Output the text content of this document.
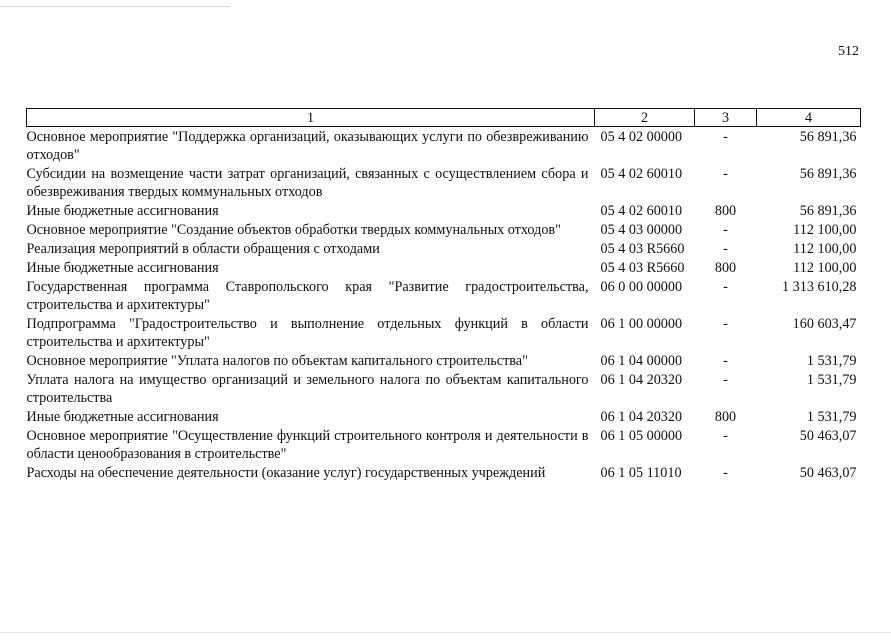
512
1	2	3	4
Основное мероприятие "Поддержка организаций, оказывающих услуги по обезвреживанию отходов"	05 4 02 00000	-	56 891,36
Субсидии на возмещение части затрат организаций, связанных с осуществлением сбора и обезвреживания твердых коммунальных отходов	05 4 02 60010	-	56 891,36
Иные бюджетные ассигнования	05 4 02 60010	800	56 891,36
Основное мероприятие "Создание объектов обработки твердых коммунальных отходов"	05 4 03 00000	-	112 100,00
Реализация мероприятий в области обращения с отходами	05 4 03 R5660	-	112 100,00
Иные бюджетные ассигнования	05 4 03 R5660	800	112 100,00
Государственная программа Ставропольского края "Развитие градостроительства, строительства и архитектуры"	06 0 00 00000	-	1 313 610,28
Подпрограмма "Градостроительство и выполнение отдельных функций в области строительства и архитектуры"	06 1 00 00000	-	160 603,47
Основное мероприятие "Уплата налогов по объектам капитального строительства"	06 1 04 00000	-	1 531,79
Уплата налога на имущество организаций и земельного налога по объектам капитального строительства	06 1 04 20320	-	1 531,79
Иные бюджетные ассигнования	06 1 04 20320	800	1 531,79
Основное мероприятие "Осуществление функций строительного контроля и деятельности в области ценообразования в строительстве"	06 1 05 00000	-	50 463,07
Расходы на обеспечение деятельности (оказание услуг) государственных учреждений	06 1 05 11010	-	50 463,07
